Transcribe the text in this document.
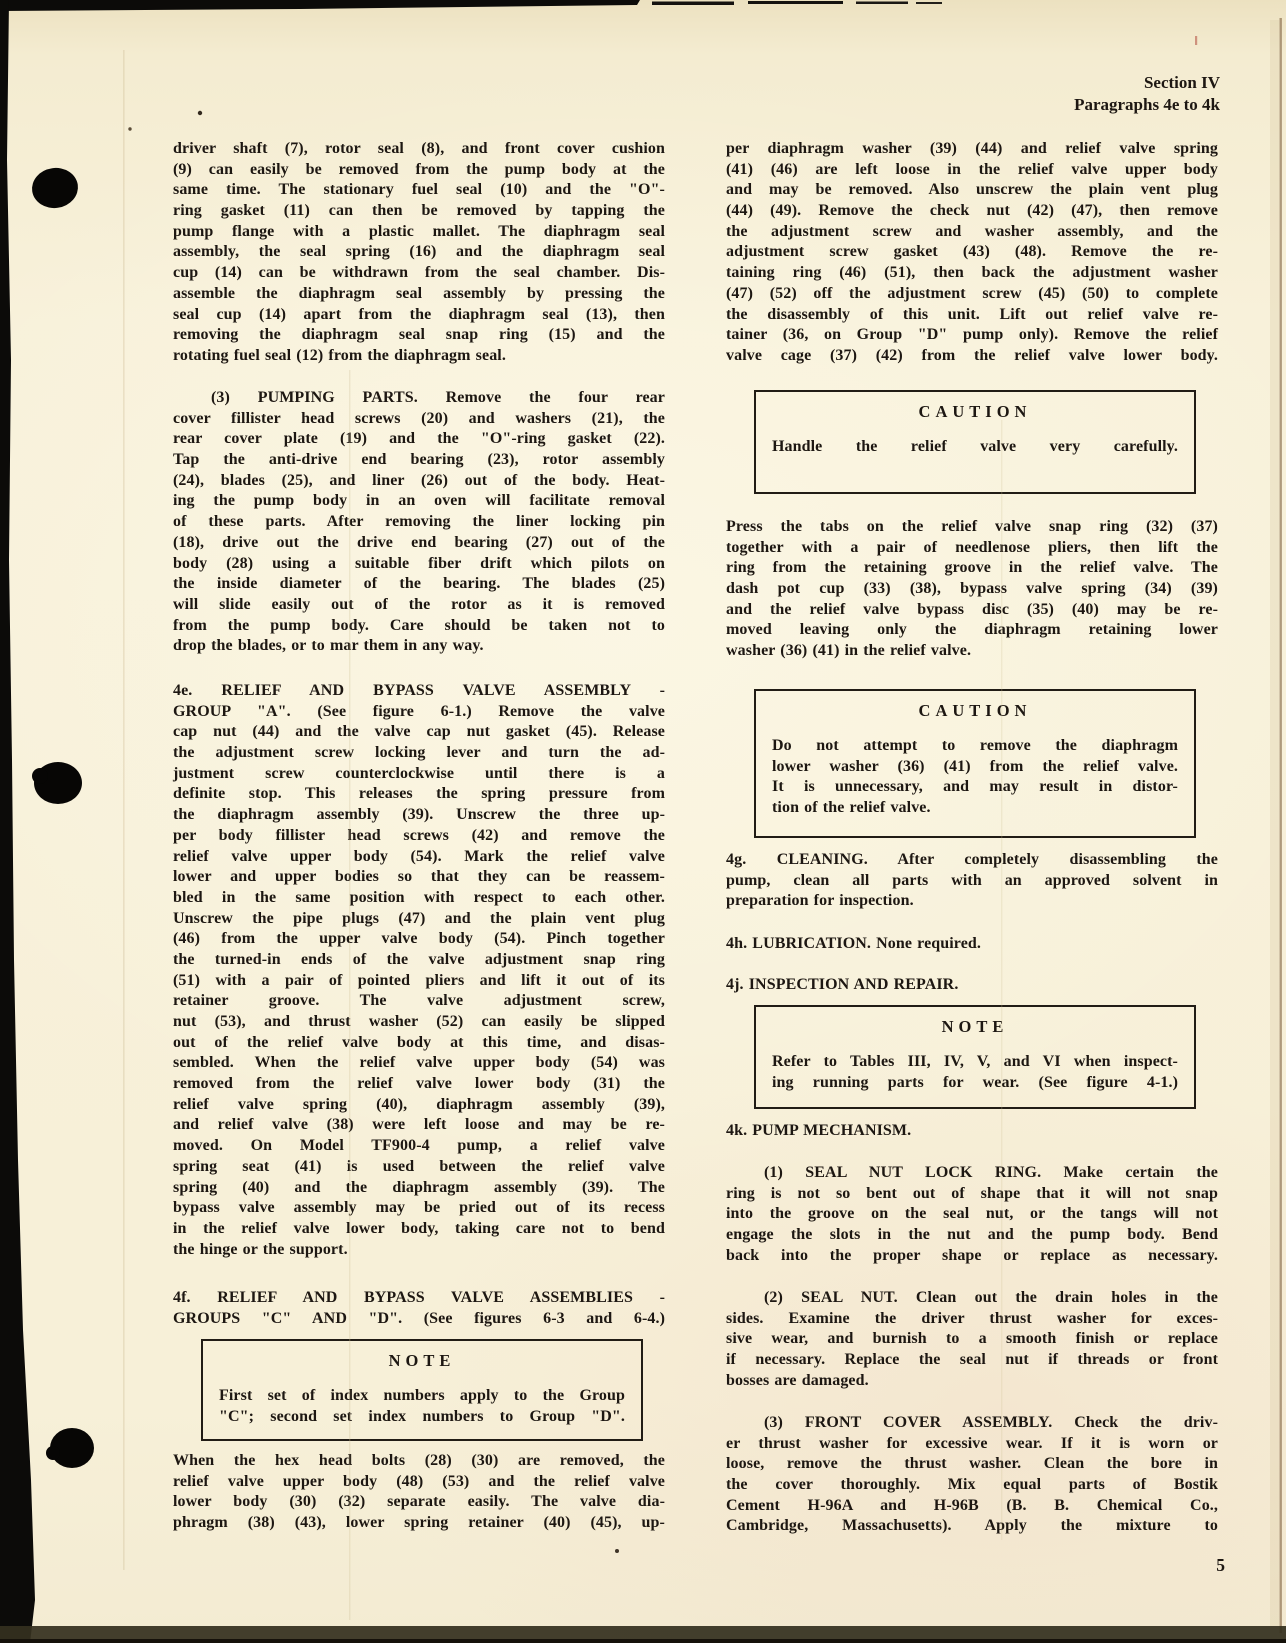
Section IV
Paragraphs 4e to 4k
driver shaft (7), rotor seal (8), and front cover cushion
(9) can easily be removed from the pump body at the
same time. The stationary fuel seal (10) and the "O"-
ring gasket (11) can then be removed by tapping the
pump flange with a plastic mallet. The diaphragm seal
assembly, the seal spring (16) and the diaphragm seal
cup (14) can be withdrawn from the seal chamber. Dis-
assemble the diaphragm seal assembly by pressing the
seal cup (14) apart from the diaphragm seal (13), then
removing the diaphragm seal snap ring (15) and the
rotating fuel seal (12) from the diaphragm seal.
(3) PUMPING PARTS. Remove the four rear
cover fillister head screws (20) and washers (21), the
rear cover plate (19) and the "O"-ring gasket (22).
Tap the anti-drive end bearing (23), rotor assembly
(24), blades (25), and liner (26) out of the body. Heat-
ing the pump body in an oven will facilitate removal
of these parts. After removing the liner locking pin
(18), drive out the drive end bearing (27) out of the
body (28) using a suitable fiber drift which pilots on
the inside diameter of the bearing. The blades (25)
will slide easily out of the rotor as it is removed
from the pump body. Care should be taken not to
drop the blades, or to mar them in any way.
4e. RELIEF AND BYPASS VALVE ASSEMBLY -
GROUP "A". (See figure 6-1.) Remove the valve
cap nut (44) and the valve cap nut gasket (45). Release
the adjustment screw locking lever and turn the ad-
justment screw counterclockwise until there is a
definite stop. This releases the spring pressure from
the diaphragm assembly (39). Unscrew the three up-
per body fillister head screws (42) and remove the
relief valve upper body (54). Mark the relief valve
lower and upper bodies so that they can be reassem-
bled in the same position with respect to each other.
Unscrew the pipe plugs (47) and the plain vent plug
(46) from the upper valve body (54). Pinch together
the turned-in ends of the valve adjustment snap ring
(51) with a pair of pointed pliers and lift it out of its
retainer groove. The valve adjustment screw,
nut (53), and thrust washer (52) can easily be slipped
out of the relief valve body at this time, and disas-
sembled. When the relief valve upper body (54) was
removed from the relief valve lower body (31) the
relief valve spring (40), diaphragm assembly (39),
and relief valve (38) were left loose and may be re-
moved. On Model TF900-4 pump, a relief valve
spring seat (41) is used between the relief valve
spring (40) and the diaphragm assembly (39). The
bypass valve assembly may be pried out of its recess
in the relief valve lower body, taking care not to bend
the hinge or the support.
4f. RELIEF AND BYPASS VALVE ASSEMBLIES -
GROUPS "C" AND "D". (See figures 6-3 and 6-4.)
NOTE
First set of index numbers apply to the Group
"C"; second set index numbers to Group "D".
When the hex head bolts (28) (30) are removed, the
relief valve upper body (48) (53) and the relief valve
lower body (30) (32) separate easily. The valve dia-
phragm (38) (43), lower spring retainer (40) (45), up-
per diaphragm washer (39) (44) and relief valve spring
(41) (46) are left loose in the relief valve upper body
and may be removed. Also unscrew the plain vent plug
(44) (49). Remove the check nut (42) (47), then remove
the adjustment screw and washer assembly, and the
adjustment screw gasket (43) (48). Remove the re-
taining ring (46) (51), then back the adjustment washer
(47) (52) off the adjustment screw (45) (50) to complete
the disassembly of this unit. Lift out relief valve re-
tainer (36, on Group "D" pump only). Remove the relief
valve cage (37) (42) from the relief valve lower body.
CAUTION
Handle the relief valve very carefully.
Press the tabs on the relief valve snap ring (32) (37)
together with a pair of needlenose pliers, then lift the
ring from the retaining groove in the relief valve. The
dash pot cup (33) (38), bypass valve spring (34) (39)
and the relief valve bypass disc (35) (40) may be re-
moved leaving only the diaphragm retaining lower
washer (36) (41) in the relief valve.
CAUTION
Do not attempt to remove the diaphragm
lower washer (36) (41) from the relief valve.
It is unnecessary, and may result in distor-
tion of the relief valve.
4g. CLEANING. After completely disassembling the
pump, clean all parts with an approved solvent in
preparation for inspection.
4h. LUBRICATION. None required.
4j. INSPECTION AND REPAIR.
NOTE
Refer to Tables III, IV, V, and VI when inspect-
ing running parts for wear. (See figure 4-1.)
4k. PUMP MECHANISM.
(1) SEAL NUT LOCK RING. Make certain the
ring is not so bent out of shape that it will not snap
into the groove on the seal nut, or the tangs will not
engage the slots in the nut and the pump body. Bend
back into the proper shape or replace as necessary.
(2) SEAL NUT. Clean out the drain holes in the
sides. Examine the driver thrust washer for exces-
sive wear, and burnish to a smooth finish or replace
if necessary. Replace the seal nut if threads or front
bosses are damaged.
(3) FRONT COVER ASSEMBLY. Check the driv-
er thrust washer for excessive wear. If it is worn or
loose, remove the thrust washer. Clean the bore in
the cover thoroughly. Mix equal parts of Bostik
Cement H-96A and H-96B (B. B. Chemical Co.,
Cambridge, Massachusetts). Apply the mixture to
5
